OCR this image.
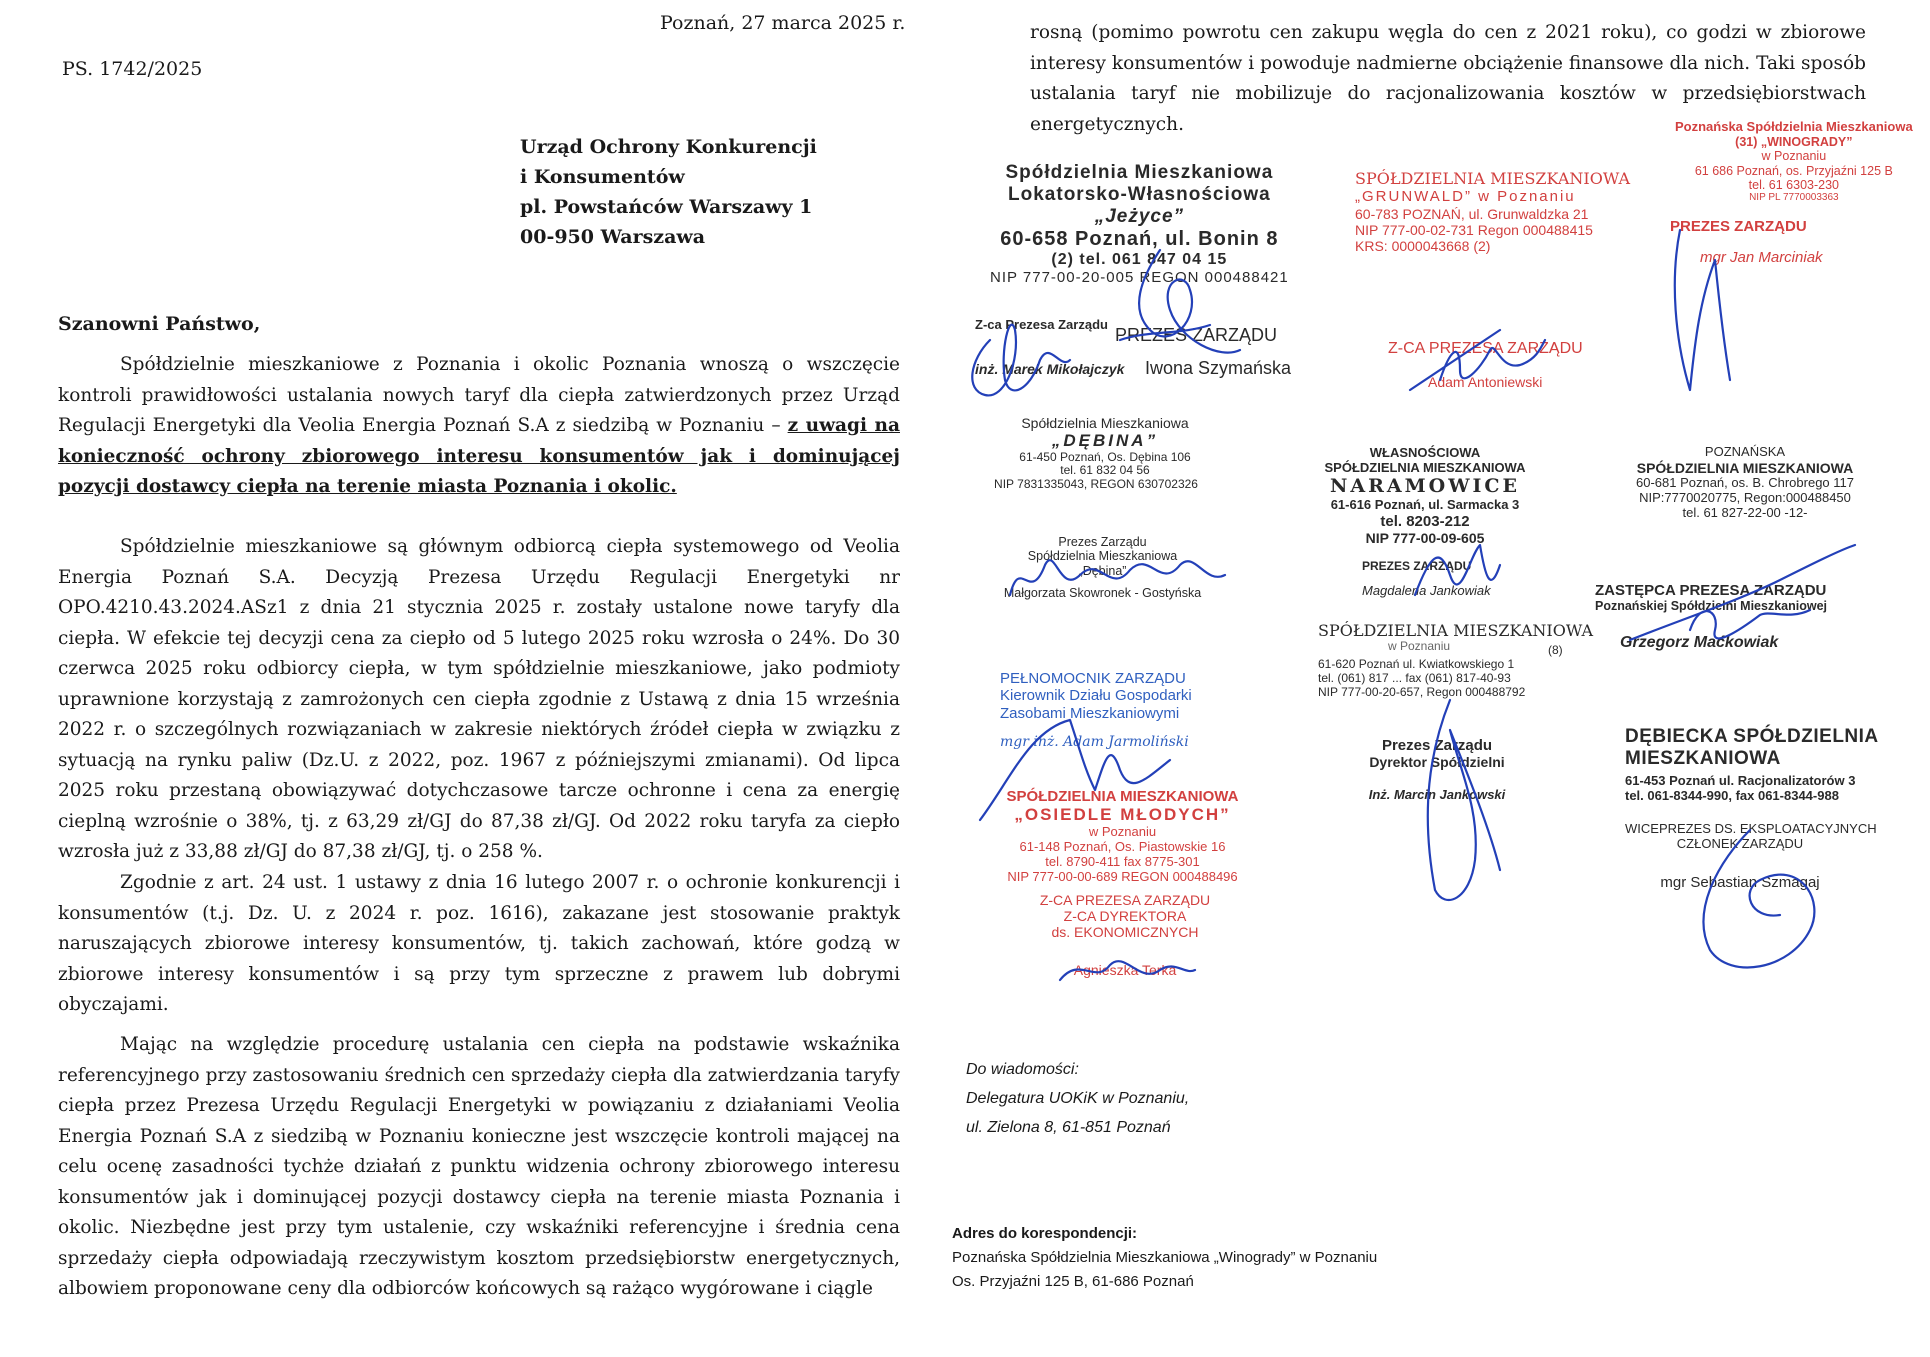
Poznań, 27 marca 2025 r.
PS. 1742/2025
Urząd Ochrony Konkurencji
i Konsumentów
pl. Powstańców Warszawy 1
00-950 Warszawa
Szanowni Państwo,
Spółdzielnie mieszkaniowe z Poznania i okolic Poznania wnoszą o wszczęcie kontroli prawidłowości ustalania nowych taryf dla ciepła zatwierdzonych przez Urząd Regulacji Energetyki dla Veolia Energia Poznań S.A z siedzibą w Poznaniu – z uwagi na konieczność ochrony zbiorowego interesu konsumentów jak i dominującej pozycji dostawcy ciepła na terenie miasta Poznania i okolic.
Spółdzielnie mieszkaniowe są głównym odbiorcą ciepła systemowego od Veolia Energia Poznań S.A. Decyzją Prezesa Urzędu Regulacji Energetyki nr OPO.4210.43.2024.ASz1 z dnia 21 stycznia 2025 r. zostały ustalone nowe taryfy dla ciepła. W efekcie tej decyzji cena za ciepło od 5 lutego 2025 roku wzrosła o 24%. Do 30 czerwca 2025 roku odbiorcy ciepła, w tym spółdzielnie mieszkaniowe, jako podmioty uprawnione korzystają z zamrożonych cen ciepła zgodnie z Ustawą z dnia 15 września 2022 r. o szczególnych rozwiązaniach w zakresie niektórych źródeł ciepła w związku z sytuacją na rynku paliw (Dz.U. z 2022, poz. 1967 z późniejszymi zmianami). Od lipca 2025 roku przestaną obowiązywać dotychczasowe tarcze ochronne i cena za energię cieplną wzrośnie o 38%, tj. z 63,29 zł/GJ do 87,38 zł/GJ. Od 2022 roku taryfa za ciepło wzrosła już z 33,88 zł/GJ do 87,38 zł/GJ, tj. o 258 %.
Zgodnie z art. 24 ust. 1 ustawy z dnia 16 lutego 2007 r. o ochronie konkurencji i konsumentów (t.j. Dz. U. z 2024 r. poz. 1616), zakazane jest stosowanie praktyk naruszających zbiorowe interesy konsumentów, tj. takich zachowań, które godzą w zbiorowe interesy konsumentów i są przy tym sprzeczne z prawem lub dobrymi obyczajami.
Mając na względzie procedurę ustalania cen ciepła na podstawie wskaźnika referencyjnego przy zastosowaniu średnich cen sprzedaży ciepła dla zatwierdzania taryfy ciepła przez Prezesa Urzędu Regulacji Energetyki w powiązaniu z działaniami Veolia Energia Poznań S.A z siedzibą w Poznaniu konieczne jest wszczęcie kontroli mającej na celu ocenę zasadności tychże działań z punktu widzenia ochrony zbiorowego interesu konsumentów jak i dominującej pozycji dostawcy ciepła na terenie miasta Poznania i okolic. Niezbędne jest przy tym ustalenie, czy wskaźniki referencyjne i średnia cena sprzedaży ciepła odpowiadają rzeczywistym kosztom przedsiębiorstw energetycznych, albowiem proponowane ceny dla odbiorców końcowych są rażąco wygórowane i ciągle
rosną (pomimo powrotu cen zakupu węgla do cen z 2021 roku), co godzi w zbiorowe interesy konsumentów i powoduje nadmierne obciążenie finansowe dla nich. Taki sposób ustalania taryf nie mobilizuje do racjonalizowania kosztów w przedsiębiorstwach energetycznych.
Spółdzielnia Mieszkaniowa
Lokatorsko-Własnościowa
„Jeżyce”
60-658 Poznań, ul. Bonin 8
(2) tel. 061 847 04 15
NIP 777-00-20-005 REGON 000488421
Z-ca Prezesa Zarządu
inż. Marek Mikołajczyk
PREZES ZARZĄDU
Iwona Szymańska
SPÓŁDZIELNIA MIESZKANIOWA
„GRUNWALD” w Poznaniu
60-783 POZNAŃ, ul. Grunwaldzka 21
NIP 777-00-02-731 Regon 000488415
KRS: 0000043668 (2)
Z-CA PREZESA ZARZĄDU
Adam Antoniewski
Poznańska Spółdzielnia Mieszkaniowa
(31) „WINOGRADY”
w Poznaniu
61 686 Poznań, os. Przyjaźni 125 B
tel. 61 6303-230
NIP PL 7770003363
PREZES ZARZĄDU
mgr Jan Marciniak
Spółdzielnia Mieszkaniowa
„DĘBINA”
61-450 Poznań, Os. Dębina 106
tel. 61 832 04 56
NIP 7831335043, REGON 630702326
WŁASNOŚCIOWA
SPÓŁDZIELNIA MIESZKANIOWA
NARAMOWICE
61-616 Poznań, ul. Sarmacka 3
tel. 8203-212
NIP 777-00-09-605
POZNAŃSKA
SPÓŁDZIELNIA MIESZKANIOWA
60-681 Poznań, os. B. Chrobrego 117
NIP:7770020775, Regon:000488450
tel. 61 827-22-00 -12-
Prezes Zarządu
Spółdzielnia Mieszkaniowa
„Dębina”
Małgorzata Skowronek - Gostyńska
PREZES ZARZĄDU
Magdalena Jankowiak	ZASTĘPCA PREZESA ZARZĄDU
Poznańskiej Spółdzielni Mieszkaniowej
Grzegorz Maćkowiak
SPÓŁDZIELNIA MIESZKANIOWA
w Poznaniu	(8)
61-620 Poznań ul. Kwiatkowskiego 1
tel. (061) 817 ... fax (061) 817-40-93
NIP 777-00-20-657, Regon 000488792
PEŁNOMOCNIK ZARZĄDU
Kierownik Działu Gospodarki
Zasobami Mieszkaniowymi
mgr inż. Adam Jarmoliński	Prezes Zarządu
Dyrektor Spółdzielni
Inż. Marcin Jankowski
DĘBIECKA SPÓŁDZIELNIA
MIESZKANIOWA
61-453 Poznań ul. Racjonalizatorów 3
tel. 061-8344-990, fax 061-8344-988
WICEPREZES DS. EKSPLOATACYJNYCH
CZŁONEK ZARZĄDU
mgr Sebastian Szmagaj
SPÓŁDZIELNIA MIESZKANIOWA
„OSIEDLE MŁODYCH”
w Poznaniu
61-148 Poznań, Os. Piastowskie 16
tel. 8790-411 fax 8775-301
NIP 777-00-00-689 REGON 000488496
Z-CA PREZESA ZARZĄDU
Z-CA DYREKTORA
ds. EKONOMICZNYCH
Agnieszka Terka
Do wiadomości:
Delegatura UOKiK w Poznaniu,
ul. Zielona 8, 61-851 Poznań
Adres do korespondencji:
Poznańska Spółdzielnia Mieszkaniowa „Winogrady” w Poznaniu
Os. Przyjaźni 125 B, 61-686 Poznań
